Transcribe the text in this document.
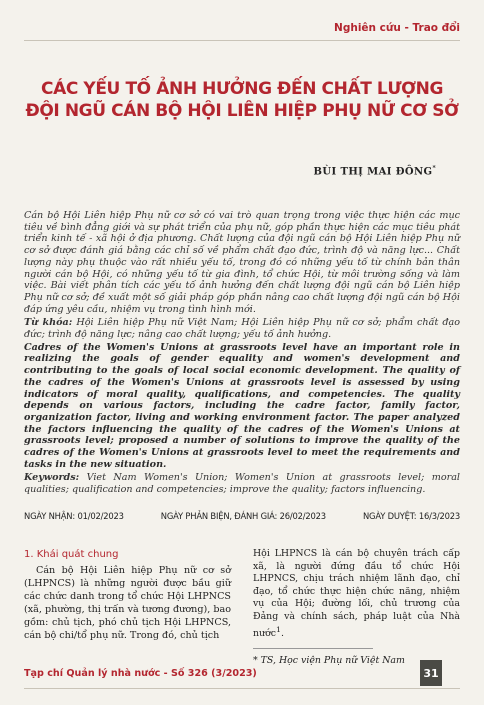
Nghiên cứu - Trao đổi
CÁC YẾU TỐ ẢNH HƯỞNG ĐẾN CHẤT LƯỢNG
ĐỘI NGŨ CÁN BỘ HỘI LIÊN HIỆP PHỤ NỮ CƠ SỞ
BÙI THỊ MAI ĐÔNG*

Cán bộ Hội Liên hiệp Phụ nữ cơ sở có vai trò quan trọng trong việc thực hiện các mục tiêu về bình đẳng giới và sự phát triển của phụ nữ, góp phần thực hiện các mục tiêu phát triển kinh tế - xã hội ở địa phương. Chất lượng của đội ngũ cán bộ Hội Liên hiệp Phụ nữ cơ sở được đánh giá bằng các chỉ số về phẩm chất đạo đức, trình độ và năng lực... Chất lượng này phụ thuộc vào rất nhiều yếu tố, trong đó có những yếu tố từ chính bản thân người cán bộ Hội, có những yếu tố từ gia đình, tổ chức Hội, từ môi trường sống và làm việc. Bài viết phân tích các yếu tố ảnh hưởng đến chất lượng đội ngũ cán bộ Liên hiệp Phụ nữ cơ sở; đề xuất một số giải pháp góp phần nâng cao chất lượng đội ngũ cán bộ Hội đáp ứng yêu cầu, nhiệm vụ trong tình hình mới.

Từ khóa: Hội Liên hiệp Phụ nữ Việt Nam; Hội Liên hiệp Phụ nữ cơ sở; phẩm chất đạo đức; trình độ năng lực; nâng cao chất lượng; yếu tố ảnh hưởng.

Cadres of the Women's Unions at grassroots level have an important role in realizing the goals of gender equality and women's development and contributing to the goals of local social economic development. The quality of the cadres of the Women's Unions at grassroots level is assessed by using indicators of moral quality, qualifications, and competencies. The quality depends on various factors, including the cadre factor, family factor, organization factor, living and working environment factor. The paper analyzed the factors influencing the quality of the cadres of the Women's Unions at grassroots level; proposed a number of solutions to improve the quality of the cadres of the Women's Unions at grassroots level to meet the requirements and tasks in the new situation.

Keywords: Viet Nam Women's Union; Women's Union at grassroots level; moral qualities; qualification and competencies; improve the quality; factors influencing.

NGÀY NHẬN: 01/02/2023	NGÀY PHẢN BIỆN, ĐÁNH GIÁ: 26/02/2023	NGÀY DUYỆT: 16/3/2023
1. Khái quát chung

Cán bộ Hội Liên hiệp Phụ nữ cơ sở (LHPNCS) là những người được bầu giữ các chức danh trong tổ chức Hội LHPNCS (xã, phường, thị trấn và tương đương), bao gồm: chủ tịch, phó chủ tịch Hội LHPNCS, cán bộ chi/tổ phụ nữ. Trong đó, chủ tịch

Hội LHPNCS là cán bộ chuyên trách cấp xã, là người đứng đầu tổ chức Hội LHPNCS, chịu trách nhiệm lãnh đạo, chỉ đạo, tổ chức thực hiện chức năng, nhiệm vụ của Hội; đường lối, chủ trương của Đảng và chính sách, pháp luật của Nhà nước$^1$.

* TS, Học viện Phụ nữ Việt Nam
Tạp chí Quản lý nhà nước - Số 326 (3/2023)	31
